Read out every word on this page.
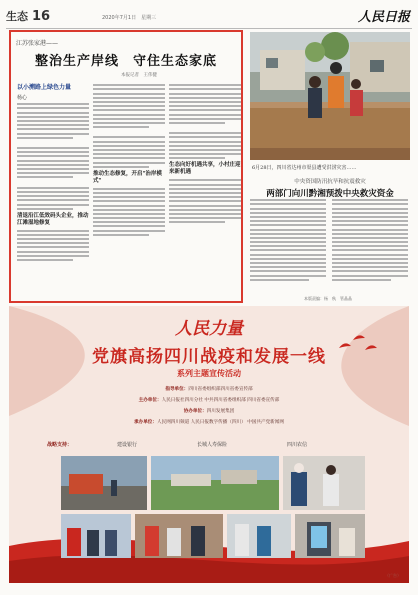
生态 16	2020年7月1日　星期三	人民日报
江苏张家港——
整治生产岸线　守住生态家底
本报记者　王伟健
以小溯路上绿色力量
杨心
清退沿江低效码头企业，推动江滩湿地修复
推动生态修复，开启"治岸模式"
生态向好机遇共享，小村庄迎来新机遇
6月28日，四川省达州市渠县遭受洪涝灾害……
中央资国防汛抗旱和抗震救灾
两部门向川黔湘预拨中央救灾资金
本版责编：杨　秋　管晶晶
人民力量
党旗高扬四川战疫和发展一线
系列主题宣传活动
指导单位：四川省委组织部四川省委宣传部
主办单位：人民日报社四川分社 中共四川省委组织部 四川省委宣传部
协办单位：四川发展集团
承办单位：人民网四川频道 人民日报数字传播（四川） 中国共产党新闻网
战略支持：	建设银行	长城人寿保险	四川农信
（广告）
